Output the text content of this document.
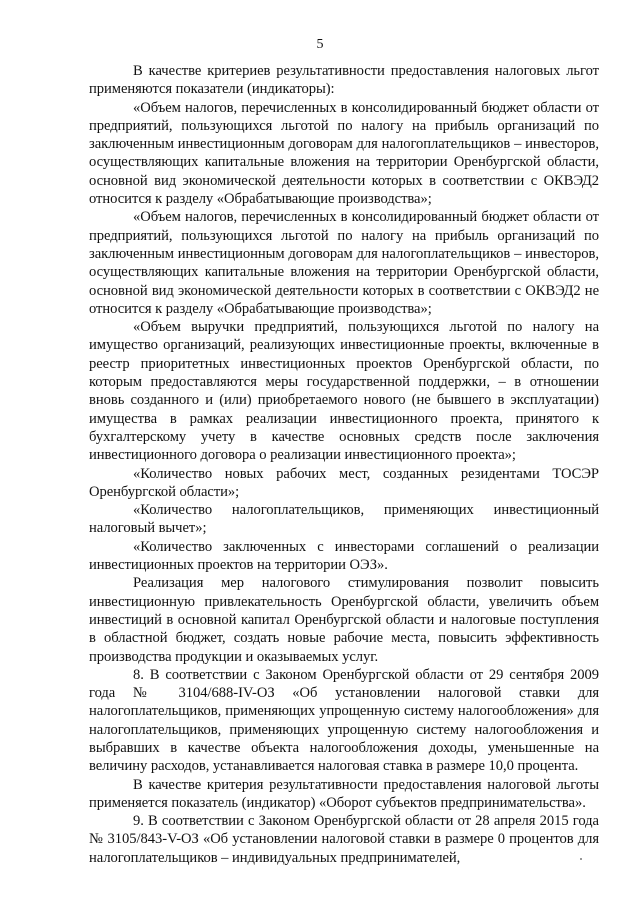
5

В качестве критериев результативности предоставления налоговых льгот применяются показатели (индикаторы):

«Объем налогов, перечисленных в консолидированный бюджет области от предприятий, пользующихся льготой по налогу на прибыль организаций по заключенным инвестиционным договорам для налогоплательщиков – инвесторов, осуществляющих капитальные вложения на территории Оренбургской области, основной вид экономической деятельности которых в соответствии с ОКВЭД2 относится к разделу «Обрабатывающие производства»;

«Объем налогов, перечисленных в консолидированный бюджет области от предприятий, пользующихся льготой по налогу на прибыль организаций по заключенным инвестиционным договорам для налогоплательщиков – инвесторов, осуществляющих капитальные вложения на территории Оренбургской области, основной вид экономической деятельности которых в соответствии с ОКВЭД2 не относится к разделу «Обрабатывающие производства»;

«Объем выручки предприятий, пользующихся льготой по налогу на имущество организаций, реализующих инвестиционные проекты, включенные в реестр приоритетных инвестиционных проектов Оренбургской области, по которым предоставляются меры государственной поддержки, – в отношении вновь созданного и (или) приобретаемого нового (не бывшего в эксплуатации) имущества в рамках реализации инвестиционного проекта, принятого к бухгалтерскому учету в качестве основных средств после заключения инвестиционного договора о реализации инвестиционного проекта»;

«Количество новых рабочих мест, созданных резидентами ТОСЭР Оренбургской области»;

«Количество налогоплательщиков, применяющих инвестиционный налоговый вычет»;

«Количество заключенных с инвесторами соглашений о реализации инвестиционных проектов на территории ОЭЗ».

Реализация мер налогового стимулирования позволит повысить инвестиционную привлекательность Оренбургской области, увеличить объем инвестиций в основной капитал Оренбургской области и налоговые поступления в областной бюджет, создать новые рабочие места, повысить эффективность производства продукции и оказываемых услуг.

8. В соответствии с Законом Оренбургской области от 29 сентября 2009 года № 3104/688-IV-ОЗ «Об установлении налоговой ставки для налогоплательщиков, применяющих упрощенную систему налогообложения» для налогоплательщиков, применяющих упрощенную систему налогообложения и выбравших в качестве объекта налогообложения доходы, уменьшенные на величину расходов, устанавливается налоговая ставка в размере 10,0 процента.

В качестве критерия результативности предоставления налоговой льготы применяется показатель (индикатор) «Оборот субъектов предпринимательства».

9. В соответствии с Законом Оренбургской области от 28 апреля 2015 года № 3105/843-V-ОЗ «Об установлении налоговой ставки в размере 0 процентов для налогоплательщиков – индивидуальных предпринимателей,
